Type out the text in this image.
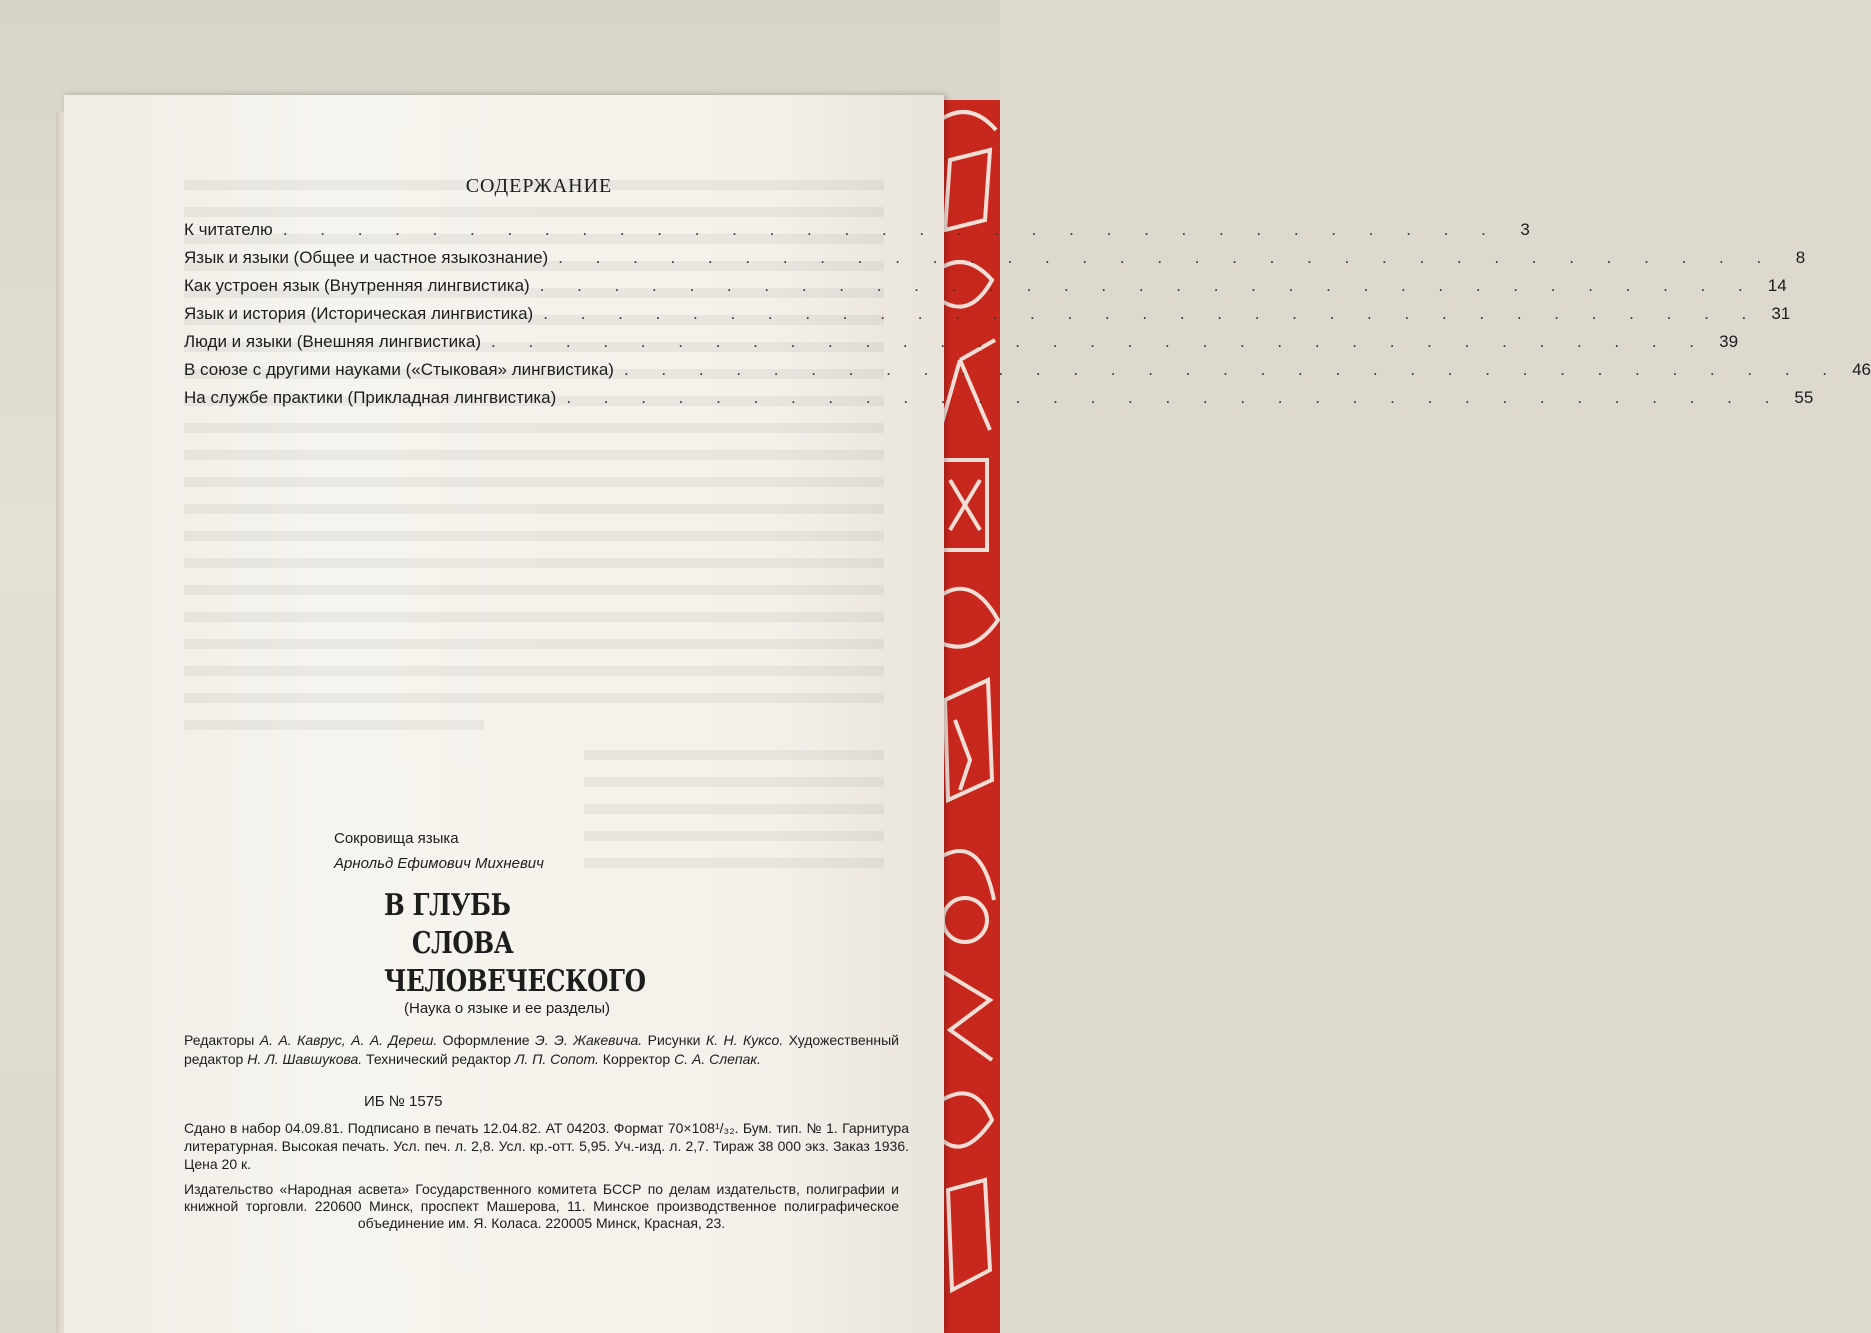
СОДЕРЖАНИЕ
К читателю . . . . . . . . . . . . . . . . . . . . . . . . . . . . . . . . .	3
Язык и языки (Общее и частное языкознание) . . . . . . . . . . . . . . . . . . . . . . . . . . . . . . . . .	8
Как устроен язык (Внутренняя лингвистика) . . . . . . . . . . . . . . . . . . . . . . . . . . . . . . . . . 14
Язык и история (Историческая лингвистика) . . . . . . . . . . . . . . . . . . . . . . . . . . . . . . . . . 31
Люди и языки (Внешняя лингвистика) . . . . . . . . . . . . . . . . . . . . . . . . . . . . . . . . . 39
В союзе с другими науками («Стыковая» лингвистика) . . . . . . . . . . . . . . . . . . . . . . . . . . . . . . . . . 46
На службе практики (Прикладная лингвистика) . . . . . . . . . . . . . . . . . . . . . . . . . . . . . . . . . 55
Сокровища языка
Арнольд Ефимович Михневич
В ГЛУБЬ
СЛОВА
ЧЕЛОВЕЧЕСКОГО
(Наука о языке и ее разделы)
Редакторы А. А. Каврус, А. А. Дереш. Оформление Э. Э. Жакевича. Рисунки К. Н. Куксо. Художественный редактор Н. Л. Шавшукова. Технический редактор Л. П. Сопот. Корректор С. А. Слепак.
ИБ № 1575
Сдано в набор 04.09.81. Подписано в печать 12.04.82. АТ 04203. Формат 70×108¹/₃₂. Бум. тип. № 1. Гарнитура литературная. Высокая печать. Усл. печ. л. 2,8. Усл. кр.-отт. 5,95. Уч.-изд. л. 2,7. Тираж 38 000 экз. Заказ 1936. Цена 20 к.
Издательство «Народная асвета» Государственного комитета БССР по делам издательств, полиграфии и книжной торговли. 220600 Минск, проспект Машерова, 11. Минское производственное полиграфическое объединение им. Я. Коласа. 220005 Минск, Красная, 23.
